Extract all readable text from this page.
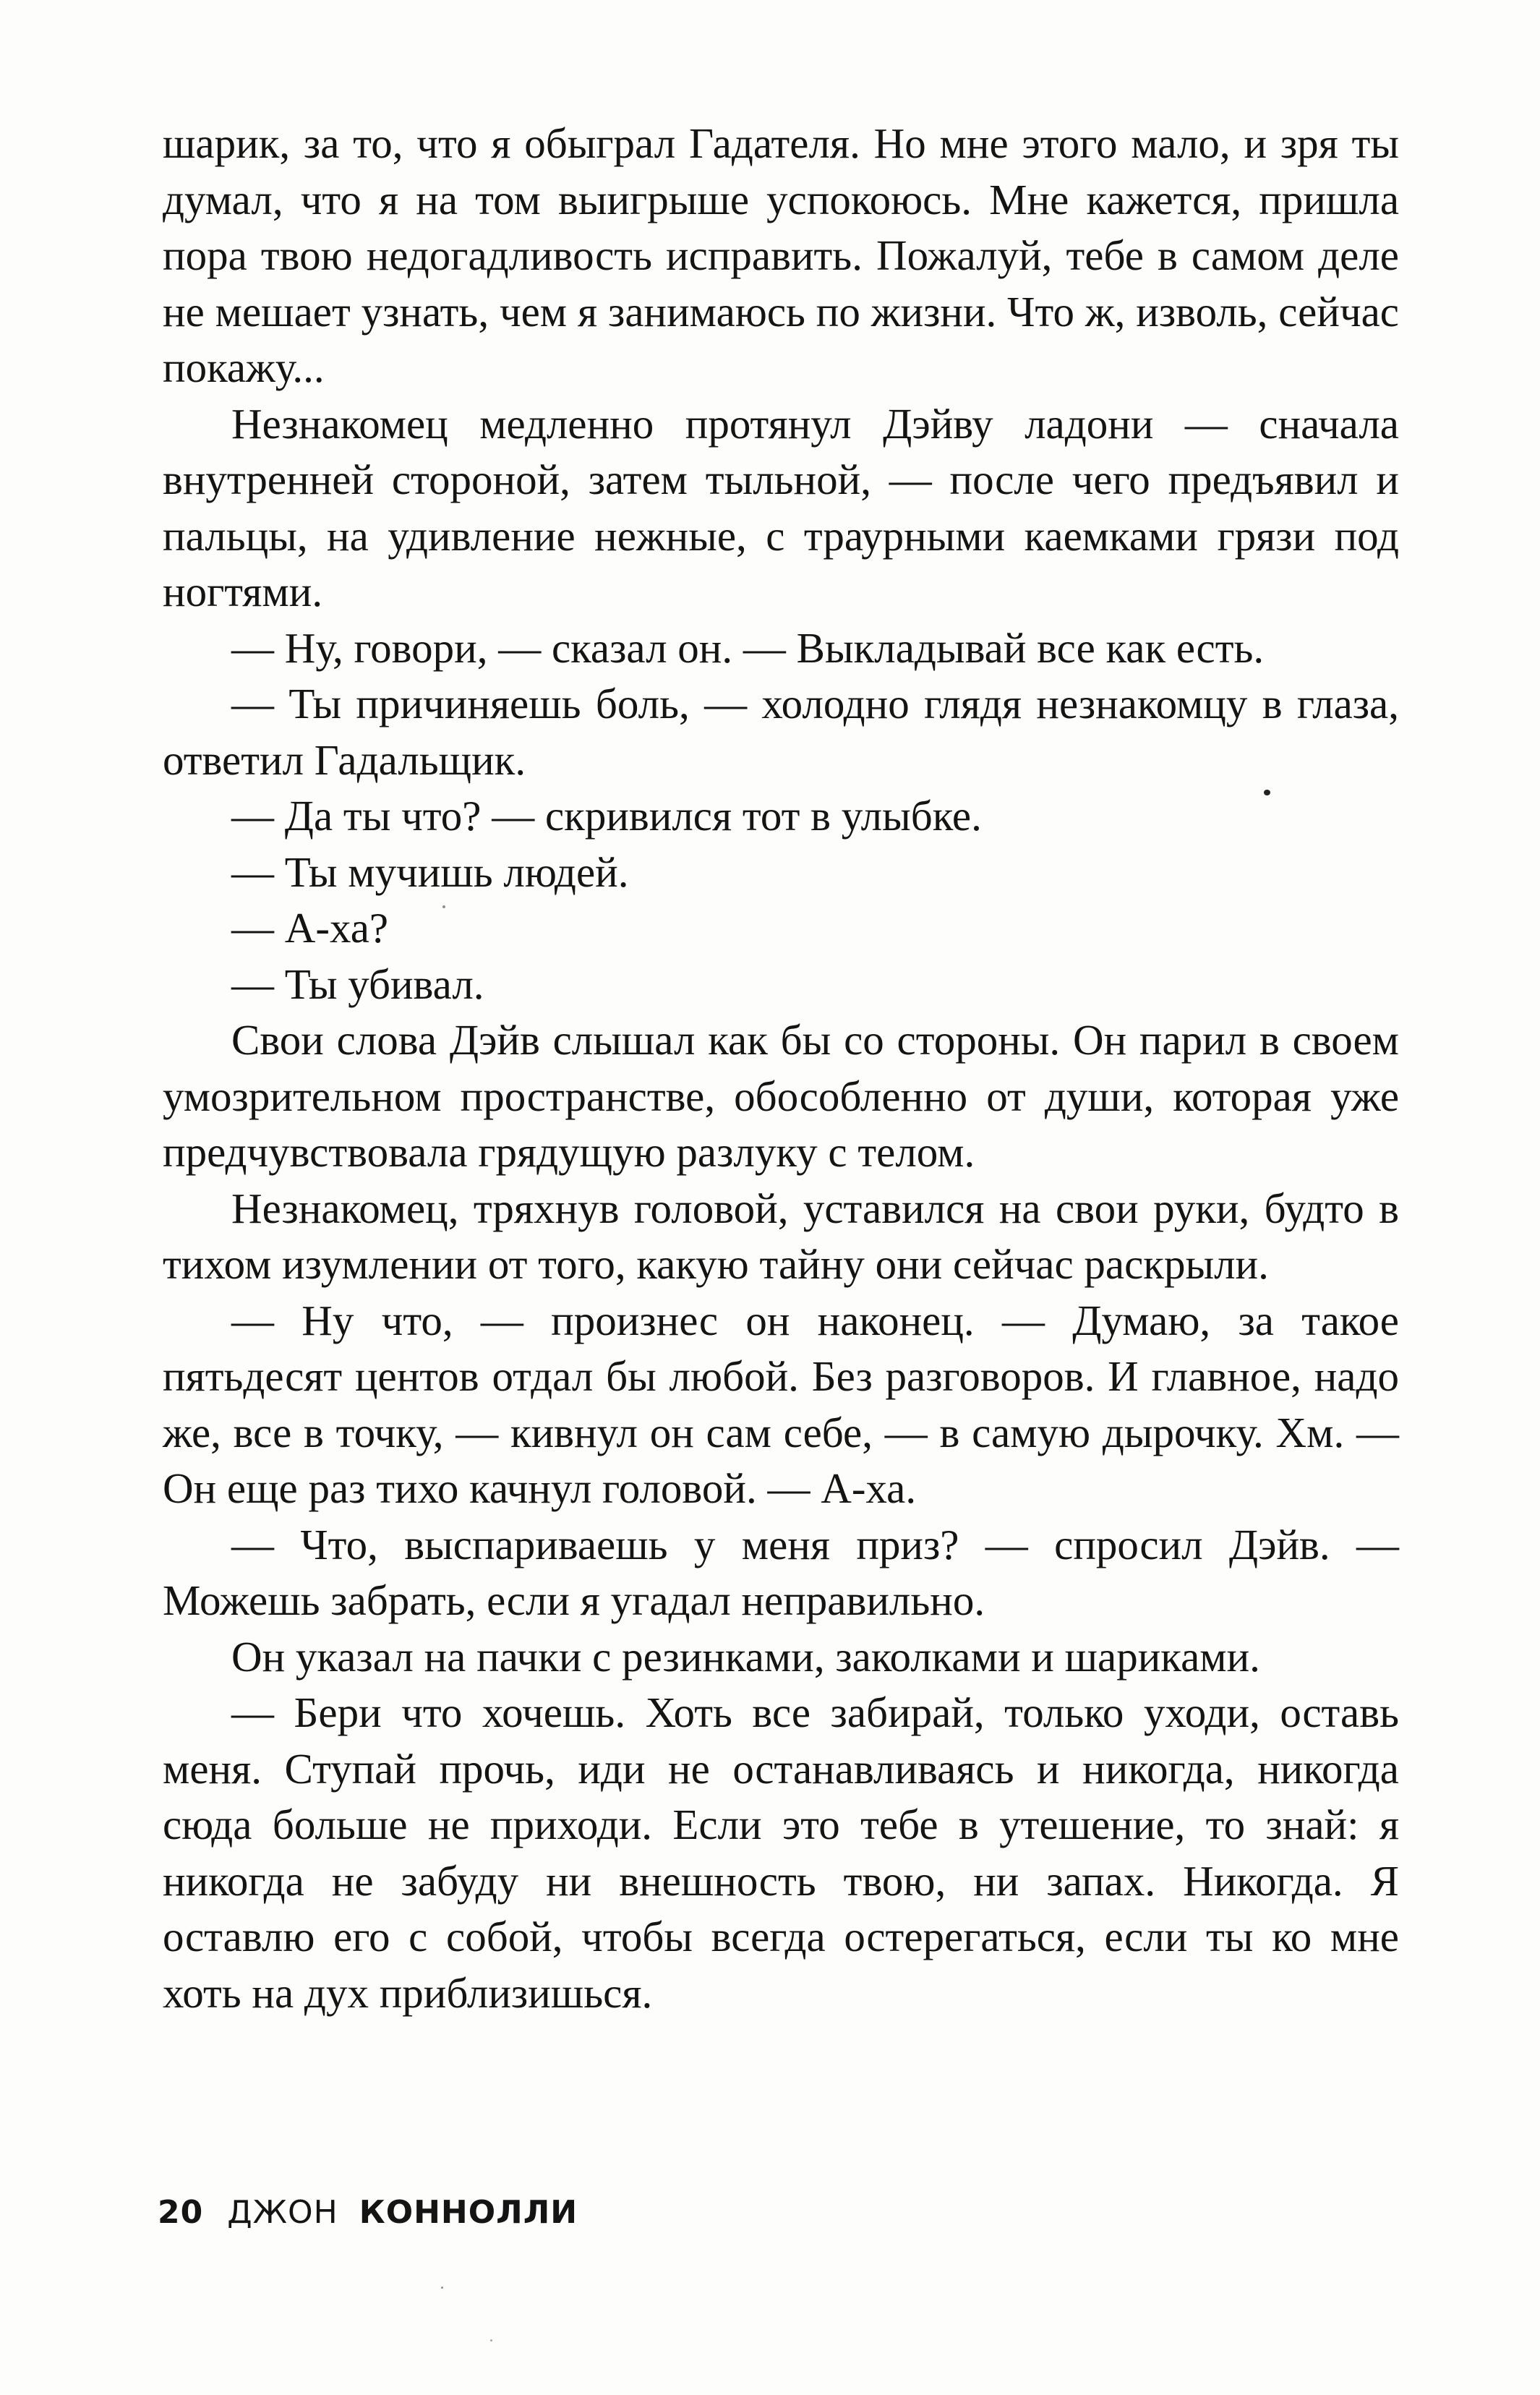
шарик, за то, что я обыграл Гадателя. Но мне этого мало, и зря ты думал, что я на том выигрыше успокоюсь. Мне кажется, пришла пора твою недогадливость исправить. Пожалуй, тебе в самом деле не мешает узнать, чем я занимаюсь по жизни. Что ж, изволь, сейчас покажу...

Незнакомец медленно протянул Дэйву ладони — сначала внутренней стороной, затем тыльной, — после чего предъявил и пальцы, на удивление нежные, с траурными каемками грязи под ногтями.

— Ну, говори, — сказал он. — Выкладывай все как есть.

— Ты причиняешь боль, — холодно глядя незнакомцу в глаза, ответил Гадальщик.

— Да ты что? — скривился тот в улыбке.

— Ты мучишь людей.

— А-ха?

— Ты убивал.

Свои слова Дэйв слышал как бы со стороны. Он парил в своем умозрительном пространстве, обособленно от души, которая уже предчувствовала грядущую разлуку с телом.

Незнакомец, тряхнув головой, уставился на свои руки, будто в тихом изумлении от того, какую тайну они сейчас раскрыли.

— Ну что, — произнес он наконец. — Думаю, за такое пятьдесят центов отдал бы любой. Без разговоров. И главное, надо же, все в точку, — кивнул он сам себе, — в самую дырочку. Хм. — Он еще раз тихо качнул головой. — А-ха.

— Что, выспариваешь у меня приз? — спросил Дэйв. — Можешь забрать, если я угадал неправильно.

Он указал на пачки с резинками, заколками и шариками.

— Бери что хочешь. Хоть все забирай, только уходи, оставь меня. Ступай прочь, иди не останавливаясь и никогда, никогда сюда больше не приходи. Если это тебе в утешение, то знай: я никогда не забуду ни внешность твою, ни запах. Никогда. Я оставлю его с собой, чтобы всегда остерегаться, если ты ко мне хоть на дух приблизишься.

20 ДЖОН КОННОЛЛИ
